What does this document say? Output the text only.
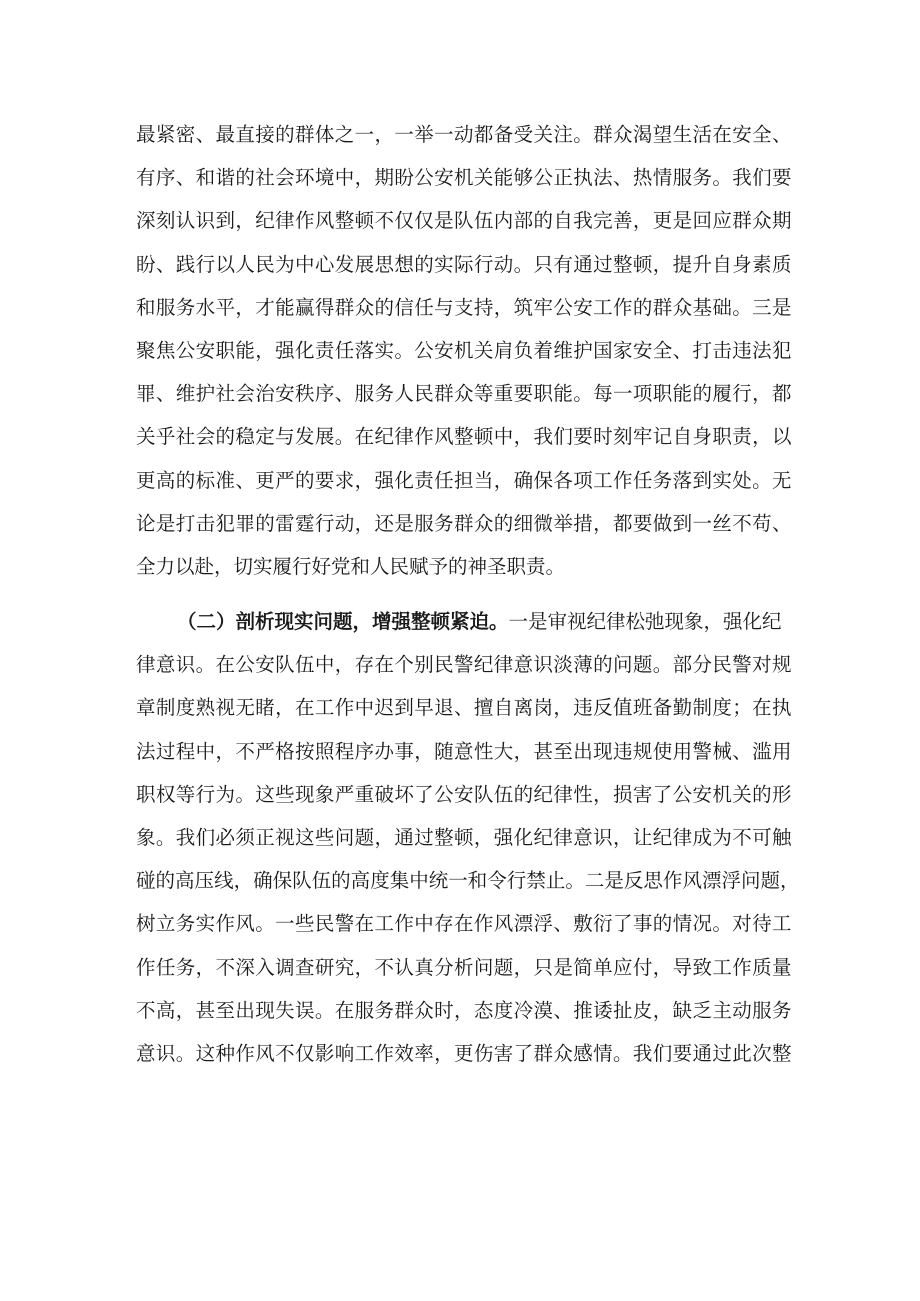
最 紧 密 、 最 直 接 的 群 体 之 一 ， 一 举 一 动 都 备 受 关 注 。 群 众 渴 望 生 活 在 安 全 、
有 序 、 和 谐 的 社 会 环 境 中 ， 期 盼 公 安 机 关 能 够 公 正 执 法 、 热 情 服 务 。 我 们 要
深 刻 认 识 到 ， 纪 律 作 风 整 顿 不 仅 仅 是 队 伍 内 部 的 自 我 完 善 ， 更 是 回 应 群 众 期
盼 、 践 行 以 人 民 为 中 心 发 展 思 想 的 实 际 行 动 。 只 有 通 过 整 顿 ， 提 升 自 身 素 质
和 服 务 水 平 ， 才 能 赢 得 群 众 的 信 任 与 支 持 ， 筑 牢 公 安 工 作 的 群 众 基 础 。 三 是
聚 焦 公 安 职 能 ， 强 化 责 任 落 实 。 公 安 机 关 肩 负 着 维 护 国 家 安 全 、 打 击 违 法 犯
罪 、 维 护 社 会 治 安 秩 序 、 服 务 人 民 群 众 等 重 要 职 能 。 每 一 项 职 能 的 履 行 ， 都
关 乎 社 会 的 稳 定 与 发 展 。 在 纪 律 作 风 整 顿 中 ， 我 们 要 时 刻 牢 记 自 身 职 责 ， 以
更 高 的 标 准 、 更 严 的 要 求 ， 强 化 责 任 担 当 ， 确 保 各 项 工 作 任 务 落 到 实 处 。 无
论 是 打 击 犯 罪 的 雷 霆 行 动 ， 还 是 服 务 群 众 的 细 微 举 措 ， 都 要 做 到 一 丝 不 苟 、
全力以赴，切实履行好党和人民赋予的神圣职责。
（二）剖析现实问题，增强整顿紧迫。一是审视纪律松弛现象，强化纪
律 意 识 。 在 公 安 队 伍 中 ， 存 在 个 别 民 警 纪 律 意 识 淡 薄 的 问 题 。 部 分 民 警 对 规
章 制 度 熟 视 无 睹 ， 在 工 作 中 迟 到 早 退 、 擅 自 离 岗 ， 违 反 值 班 备 勤 制 度 ； 在 执
法 过 程 中 ， 不 严 格 按 照 程 序 办 事 ， 随 意 性 大 ， 甚 至 出 现 违 规 使 用 警 械 、 滥 用
职 权 等 行 为 。 这 些 现 象 严 重 破 坏 了 公 安 队 伍 的 纪 律 性 ， 损 害 了 公 安 机 关 的 形
象 。 我 们 必 须 正 视 这 些 问 题 ， 通 过 整 顿 ， 强 化 纪 律 意 识 ， 让 纪 律 成 为 不 可 触
碰 的 高 压 线 ， 确 保 队 伍 的 高 度 集 中 统 一 和 令 行 禁 止 。 二 是 反 思 作 风 漂 浮 问 题 ，
树 立 务 实 作 风 。 一 些 民 警 在 工 作 中 存 在 作 风 漂 浮 、 敷 衍 了 事 的 情 况 。 对 待 工
作 任 务 ， 不 深 入 调 查 研 究 ， 不 认 真 分 析 问 题 ， 只 是 简 单 应 付 ， 导 致 工 作 质 量
不 高 ， 甚 至 出 现 失 误 。 在 服 务 群 众 时 ， 态 度 冷 漠 、 推 诿 扯 皮 ， 缺 乏 主 动 服 务
意 识 。 这 种 作 风 不 仅 影 响 工 作 效 率 ， 更 伤 害 了 群 众 感 情 。 我 们 要 通 过 此 次 整
